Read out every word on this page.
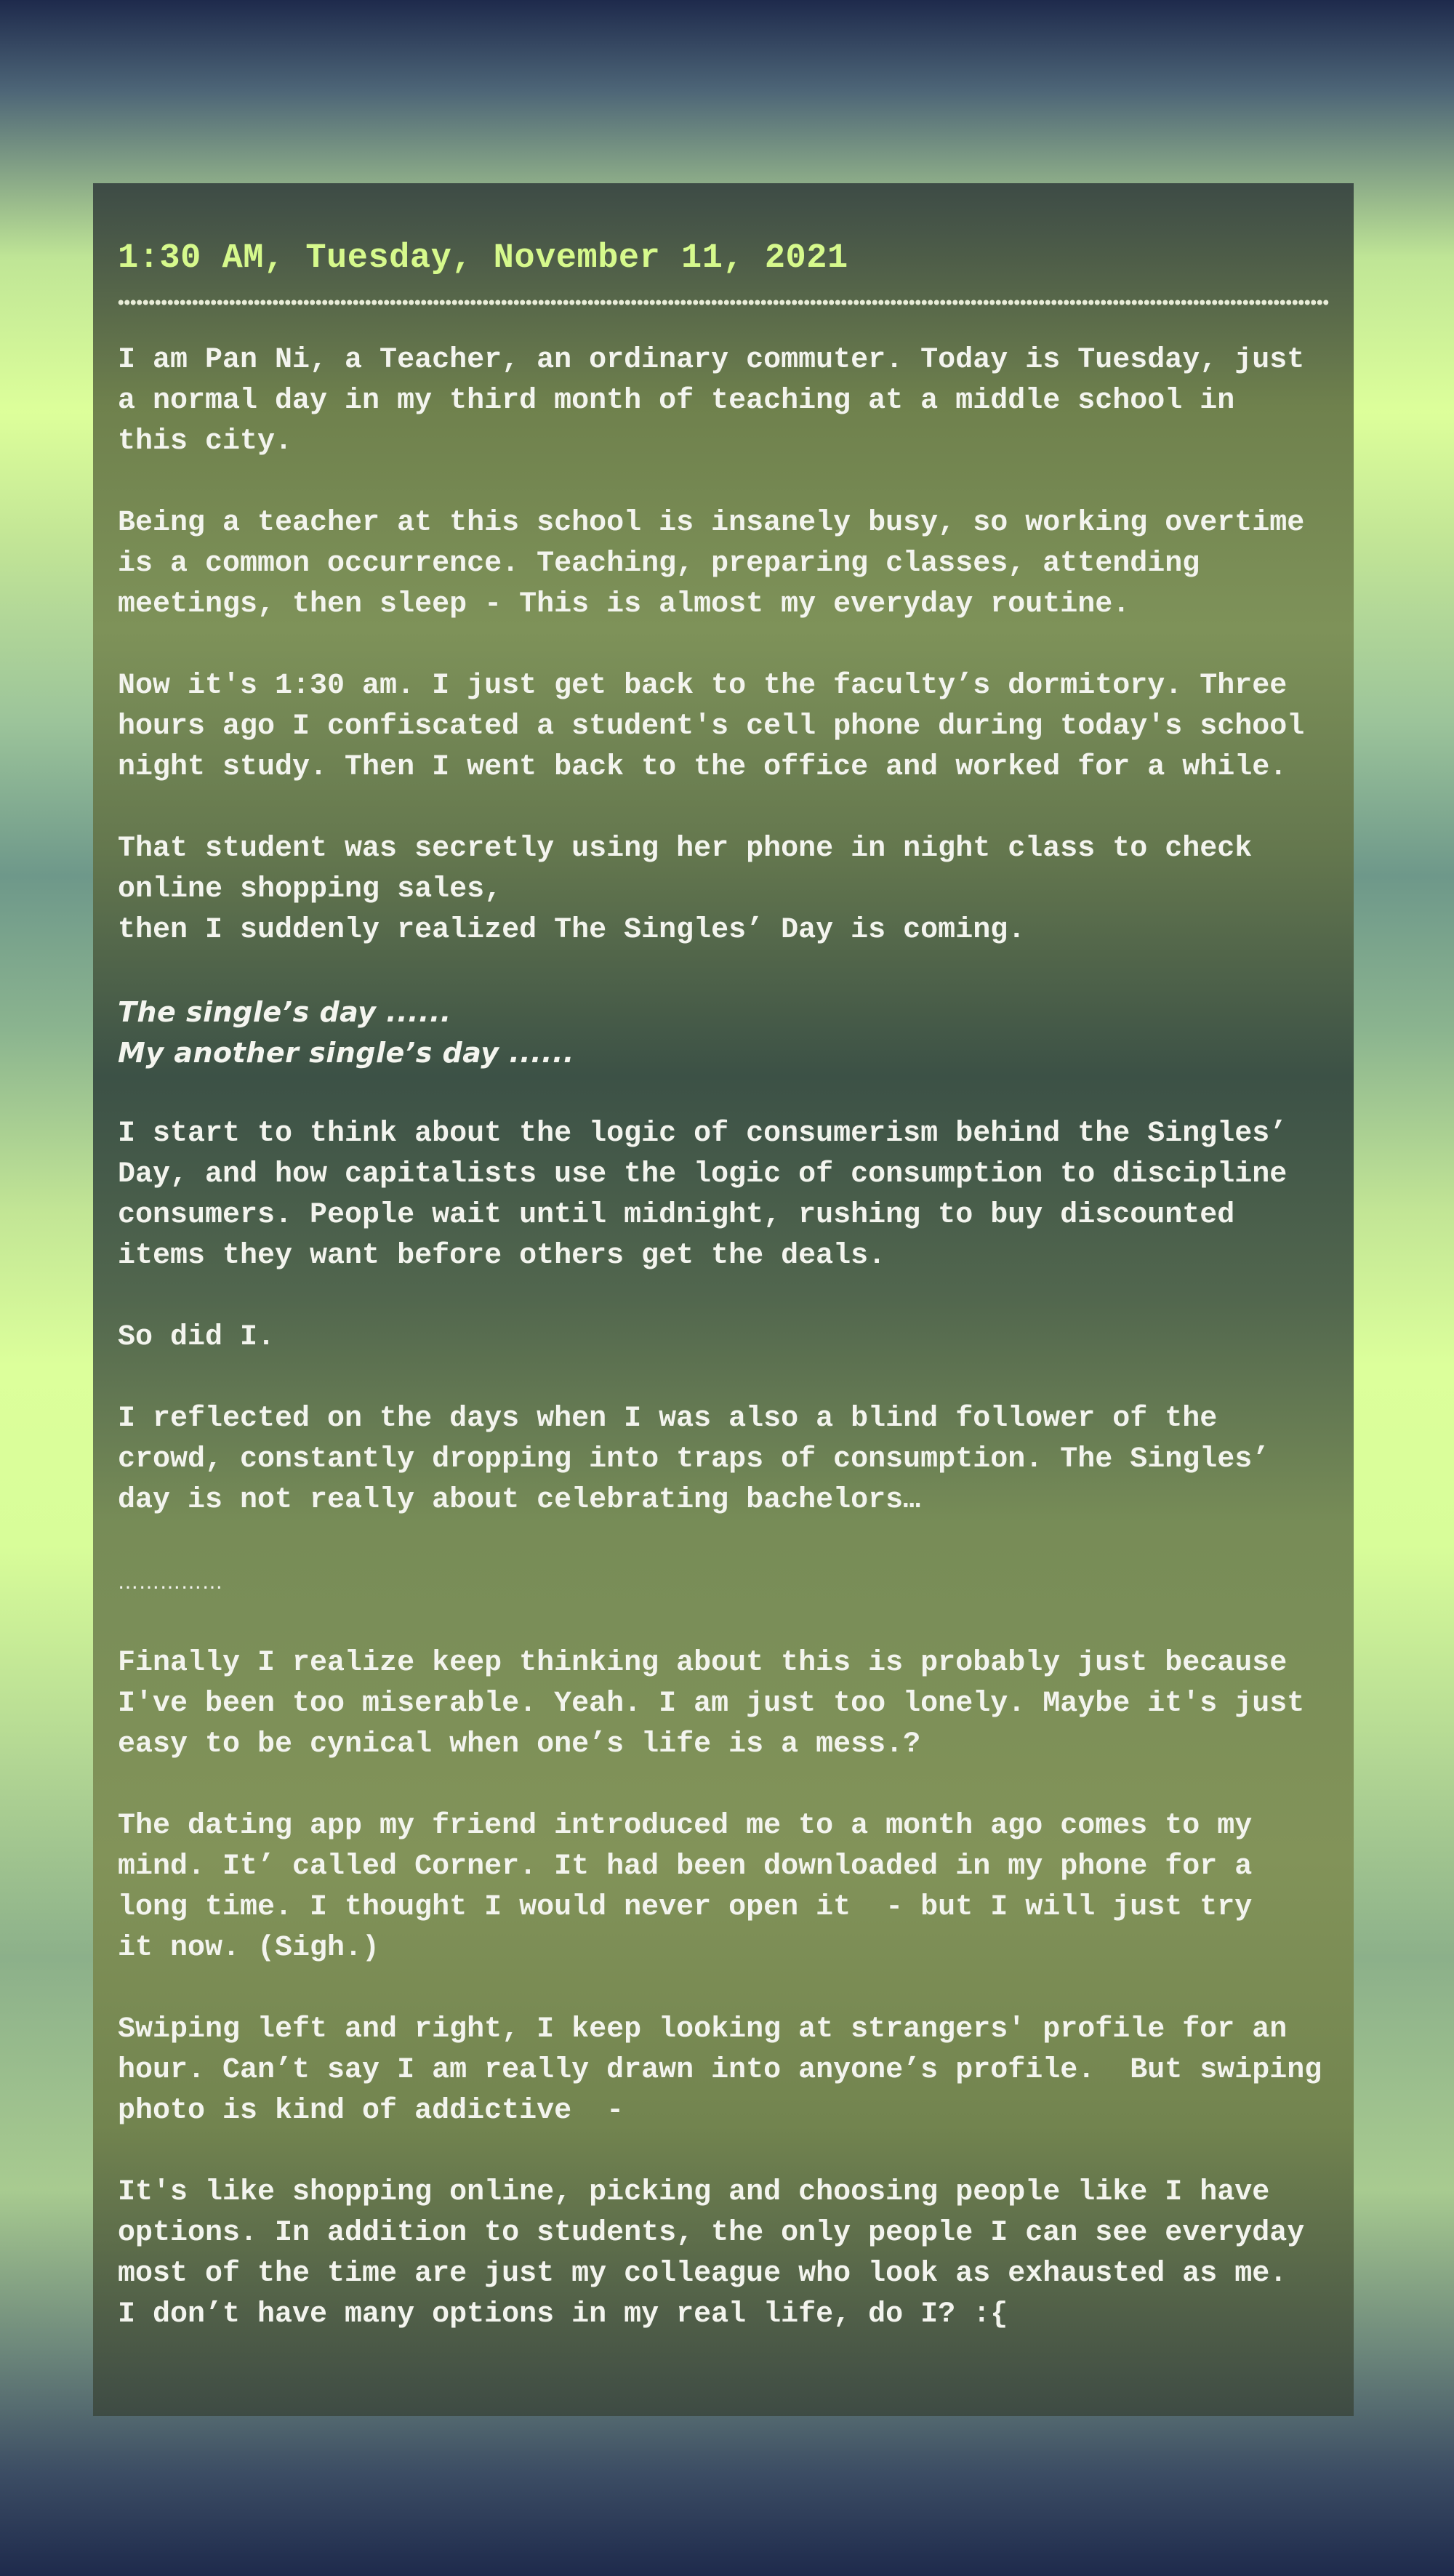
1:30 AM, Tuesday, November 11, 2021

I am Pan Ni, a Teacher, an ordinary commuter. Today is Tuesday, just
a normal day in my third month of teaching at a middle school in
this city.

Being a teacher at this school is insanely busy, so working overtime
is a common occurrence. Teaching, preparing classes, attending
meetings, then sleep - This is almost my everyday routine.

Now it's 1:30 am. I just get back to the faculty’s dormitory. Three
hours ago I confiscated a student's cell phone during today's school
night study. Then I went back to the office and worked for a while.

That student was secretly using her phone in night class to check
online shopping sales,
then I suddenly realized The Singles’ Day is coming.

The single’s day ......
My another single’s day ......

I start to think about the logic of consumerism behind the Singles’
Day, and how capitalists use the logic of consumption to discipline
consumers. People wait until midnight, rushing to buy discounted
items they want before others get the deals.

So did I.

I reflected on the days when I was also a blind follower of the
crowd, constantly dropping into traps of consumption. The Singles’
day is not really about celebrating bachelors…

……………

Finally I realize keep thinking about this is probably just because
I've been too miserable. Yeah. I am just too lonely. Maybe it's just
easy to be cynical when one’s life is a mess.?

The dating app my friend introduced me to a month ago comes to my
mind. It’ called Corner. It had been downloaded in my phone for a
long time. I thought I would never open it  - but I will just try
it now. (Sigh.)

Swiping left and right, I keep looking at strangers' profile for an
hour. Can’t say I am really drawn into anyone’s profile.  But swiping
photo is kind of addictive  -

It's like shopping online, picking and choosing people like I have
options. In addition to students, the only people I can see everyday
most of the time are just my colleague who look as exhausted as me.
I don’t have many options in my real life, do I? :{
